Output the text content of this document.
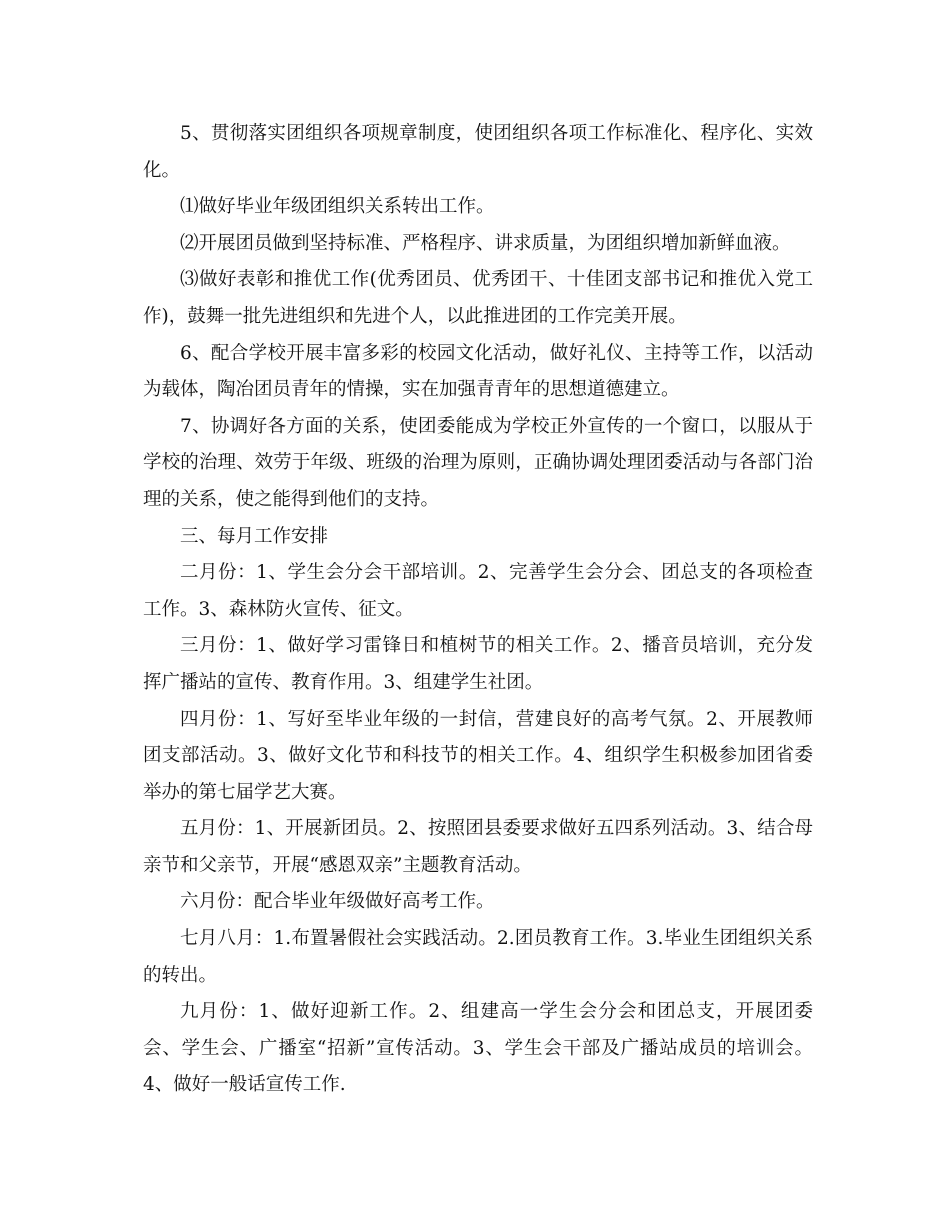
5、贯彻落实团组织各项规章制度，使团组织各项工作标准化、程序化、实效化。

⑴做好毕业年级团组织关系转出工作。

⑵开展团员做到坚持标准、严格程序、讲求质量，为团组织增加新鲜血液。

⑶做好表彰和推优工作(优秀团员、优秀团干、十佳团支部书记和推优入党工作)，鼓舞一批先进组织和先进个人，以此推进团的工作完美开展。

6、配合学校开展丰富多彩的校园文化活动，做好礼仪、主持等工作，以活动为载体，陶冶团员青年的情操，实在加强青青年的思想道德建立。

7、协调好各方面的关系，使团委能成为学校正外宣传的一个窗口，以服从于学校的治理、效劳于年级、班级的治理为原则，正确协调处理团委活动与各部门治理的关系，使之能得到他们的支持。

三、每月工作安排

二月份：1、学生会分会干部培训。2、完善学生会分会、团总支的各项检查工作。3、森林防火宣传、征文。

三月份：1、做好学习雷锋日和植树节的相关工作。2、播音员培训，充分发挥广播站的宣传、教育作用。3、组建学生社团。

四月份：1、写好至毕业年级的一封信，营建良好的高考气氛。2、开展教师团支部活动。3、做好文化节和科技节的相关工作。4、组织学生积极参加团省委举办的第七届学艺大赛。

五月份：1、开展新团员。2、按照团县委要求做好五四系列活动。3、结合母亲节和父亲节，开展“感恩双亲”主题教育活动。

六月份：配合毕业年级做好高考工作。

七月八月：1.布置暑假社会实践活动。2.团员教育工作。3.毕业生团组织关系的转出。

九月份：1、做好迎新工作。2、组建高一学生会分会和团总支，开展团委会、学生会、广播室“招新”宣传活动。3、学生会干部及广播站成员的培训会。4、做好一般话宣传工作.
